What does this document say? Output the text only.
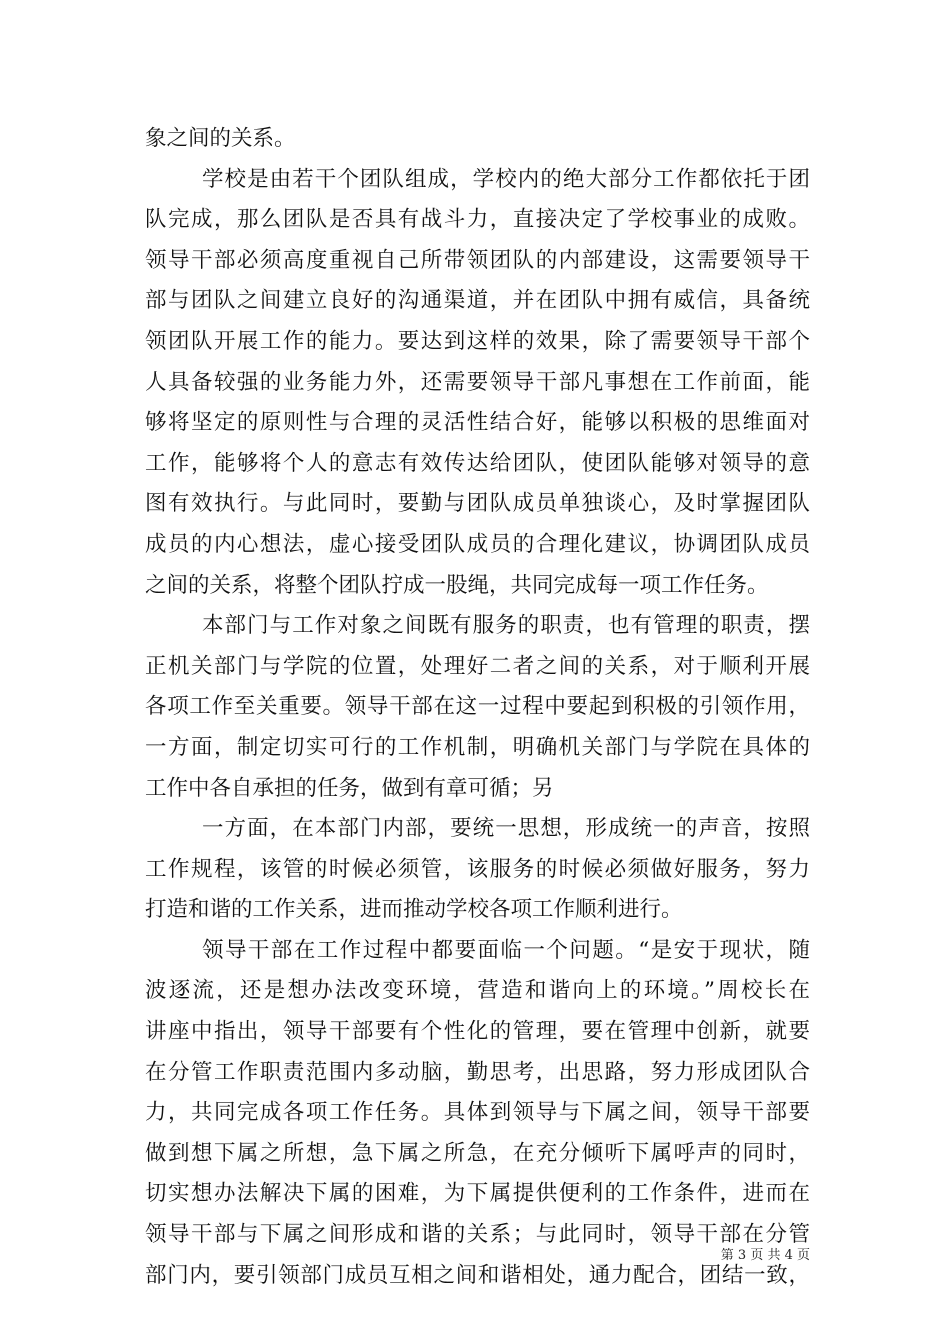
象之间的关系。
学校是由若干个团队组成，学校内的绝大部分工作都依托于团
队完成，那么团队是否具有战斗力，直接决定了学校事业的成败。
领导干部必须高度重视自己所带领团队的内部建设，这需要领导干
部与团队之间建立良好的沟通渠道，并在团队中拥有威信，具备统
领团队开展工作的能力。要达到这样的效果，除了需要领导干部个
人具备较强的业务能力外，还需要领导干部凡事想在工作前面，能
够将坚定的原则性与合理的灵活性结合好，能够以积极的思维面对
工作，能够将个人的意志有效传达给团队，使团队能够对领导的意
图有效执行。与此同时，要勤与团队成员单独谈心，及时掌握团队
成员的内心想法，虚心接受团队成员的合理化建议，协调团队成员
之间的关系，将整个团队拧成一股绳，共同完成每一项工作任务。
本部门与工作对象之间既有服务的职责，也有管理的职责，摆
正机关部门与学院的位置，处理好二者之间的关系，对于顺利开展
各项工作至关重要。领导干部在这一过程中要起到积极的引领作用，
一方面，制定切实可行的工作机制，明确机关部门与学院在具体的
工作中各自承担的任务，做到有章可循；另
一方面，在本部门内部，要统一思想，形成统一的声音，按照
工作规程，该管的时候必须管，该服务的时候必须做好服务，努力
打造和谐的工作关系，进而推动学校各项工作顺利进行。
领导干部在工作过程中都要面临一个问题。“是安于现状，随
波逐流，还是想办法改变环境，营造和谐向上的环境。”周校长在
讲座中指出，领导干部要有个性化的管理，要在管理中创新，就要
在分管工作职责范围内多动脑，勤思考，出思路，努力形成团队合
力，共同完成各项工作任务。具体到领导与下属之间，领导干部要
做到想下属之所想，急下属之所急，在充分倾听下属呼声的同时，
切实想办法解决下属的困难，为下属提供便利的工作条件，进而在
领导干部与下属之间形成和谐的关系；与此同时，领导干部在分管
部门内，要引领部门成员互相之间和谐相处，通力配合，团结一致，
第 3 页 共 4 页
